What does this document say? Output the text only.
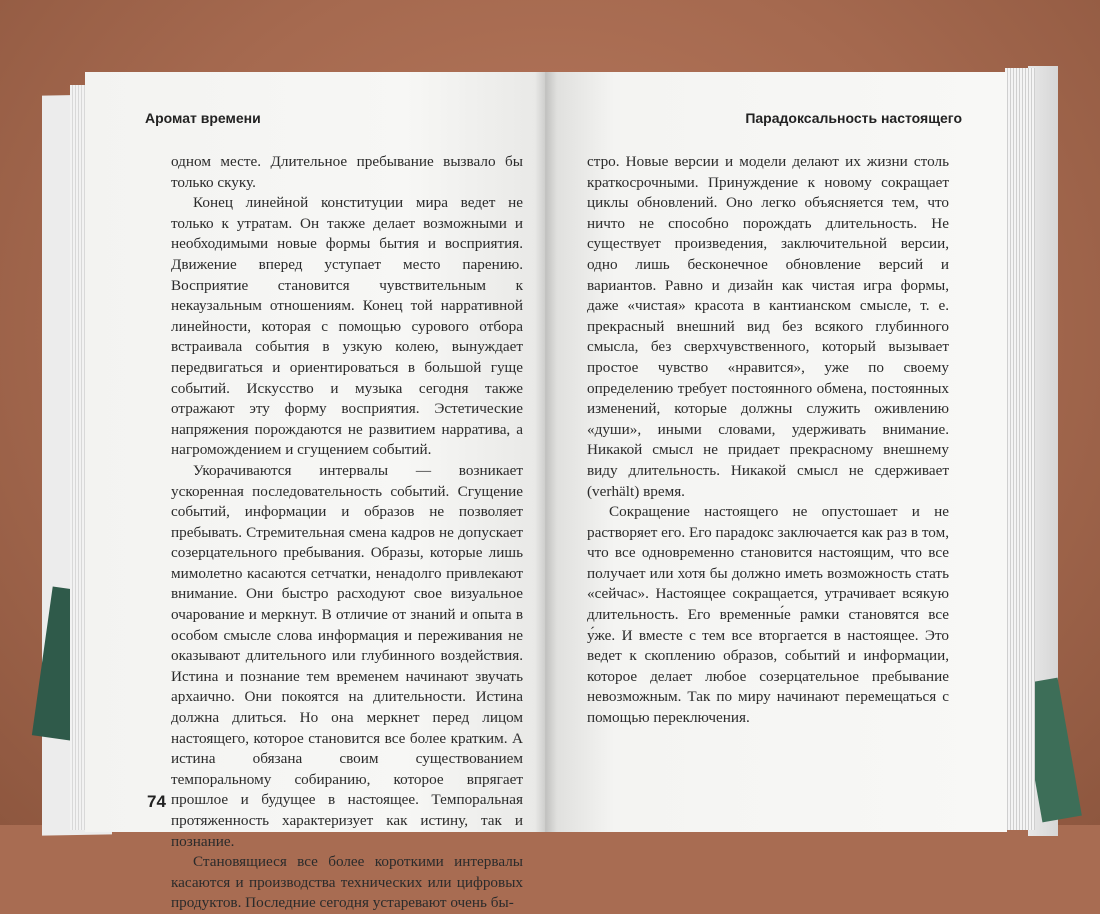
Аромат времени

одном месте. Длительное пребывание вызвало бы только скуку.

Конец линейной конституции мира ведет не только к утратам. Он также делает возможными и необходимыми новые формы бытия и восприятия. Движение вперед уступает место парению. Восприятие становится чувствительным к некаузальным отношениям. Конец той нарративной линейности, которая с помощью сурового отбора встраивала события в узкую колею, вынуждает передвигаться и ориентироваться в большой гуще событий. Искусство и музыка сегодня также отражают эту форму восприятия. Эстетические напряжения порождаются не развитием нарратива, а нагромождением и сгущением событий.

Укорачиваются интервалы — возникает ускоренная последовательность событий. Сгущение событий, информации и образов не позволяет пребывать. Стремительная смена кадров не допускает созерцательного пребывания. Образы, которые лишь мимолетно касаются сетчатки, ненадолго привлекают внимание. Они быстро расходуют свое визуальное очарование и меркнут. В отличие от знаний и опыта в особом смысле слова информация и переживания не оказывают длительного или глубинного воздействия. Истина и познание тем временем начинают звучать архаично. Они покоятся на длительности. Истина должна длиться. Но она меркнет перед лицом настоящего, которое становится все более кратким. А истина обязана своим существованием темпоральному собиранию, которое впрягает прошлое и будущее в настоящее. Темпоральная протяженность характеризует как истину, так и познание.

Становящиеся все более короткими интервалы касаются и производства технических или цифровых продуктов. Последние сегодня устаревают очень бы-

74
Парадоксальность настоящего

стро. Новые версии и модели делают их жизни столь краткосрочными. Принуждение к новому сокращает циклы обновлений. Оно легко объясняется тем, что ничто не способно порождать длительность. Не существует произведения, заключительной версии, одно лишь бесконечное обновление версий и вариантов. Равно и дизайн как чистая игра формы, даже «чистая» красота в кантианском смысле, т. е. прекрасный внешний вид без всякого глубинного смысла, без сверхчувственного, который вызывает простое чувство «нравится», уже по своему определению требует постоянного обмена, постоянных изменений, которые должны служить оживлению «души», иными словами, удерживать внимание. Никакой смысл не придает прекрасному внешнему виду длительность. Никакой смысл не сдерживает (verhält) время.

Сокращение настоящего не опустошает и не растворяет его. Его парадокс заключается как раз в том, что все одновременно становится настоящим, что все получает или хотя бы должно иметь возможность стать «сейчас». Настоящее сокращается, утрачивает всякую длительность. Его временны́е рамки становятся все у́же. И вместе с тем все вторгается в настоящее. Это ведет к скоплению образов, событий и информации, которое делает любое созерцательное пребывание невозможным. Так по миру начинают перемещаться с помощью переключения.
